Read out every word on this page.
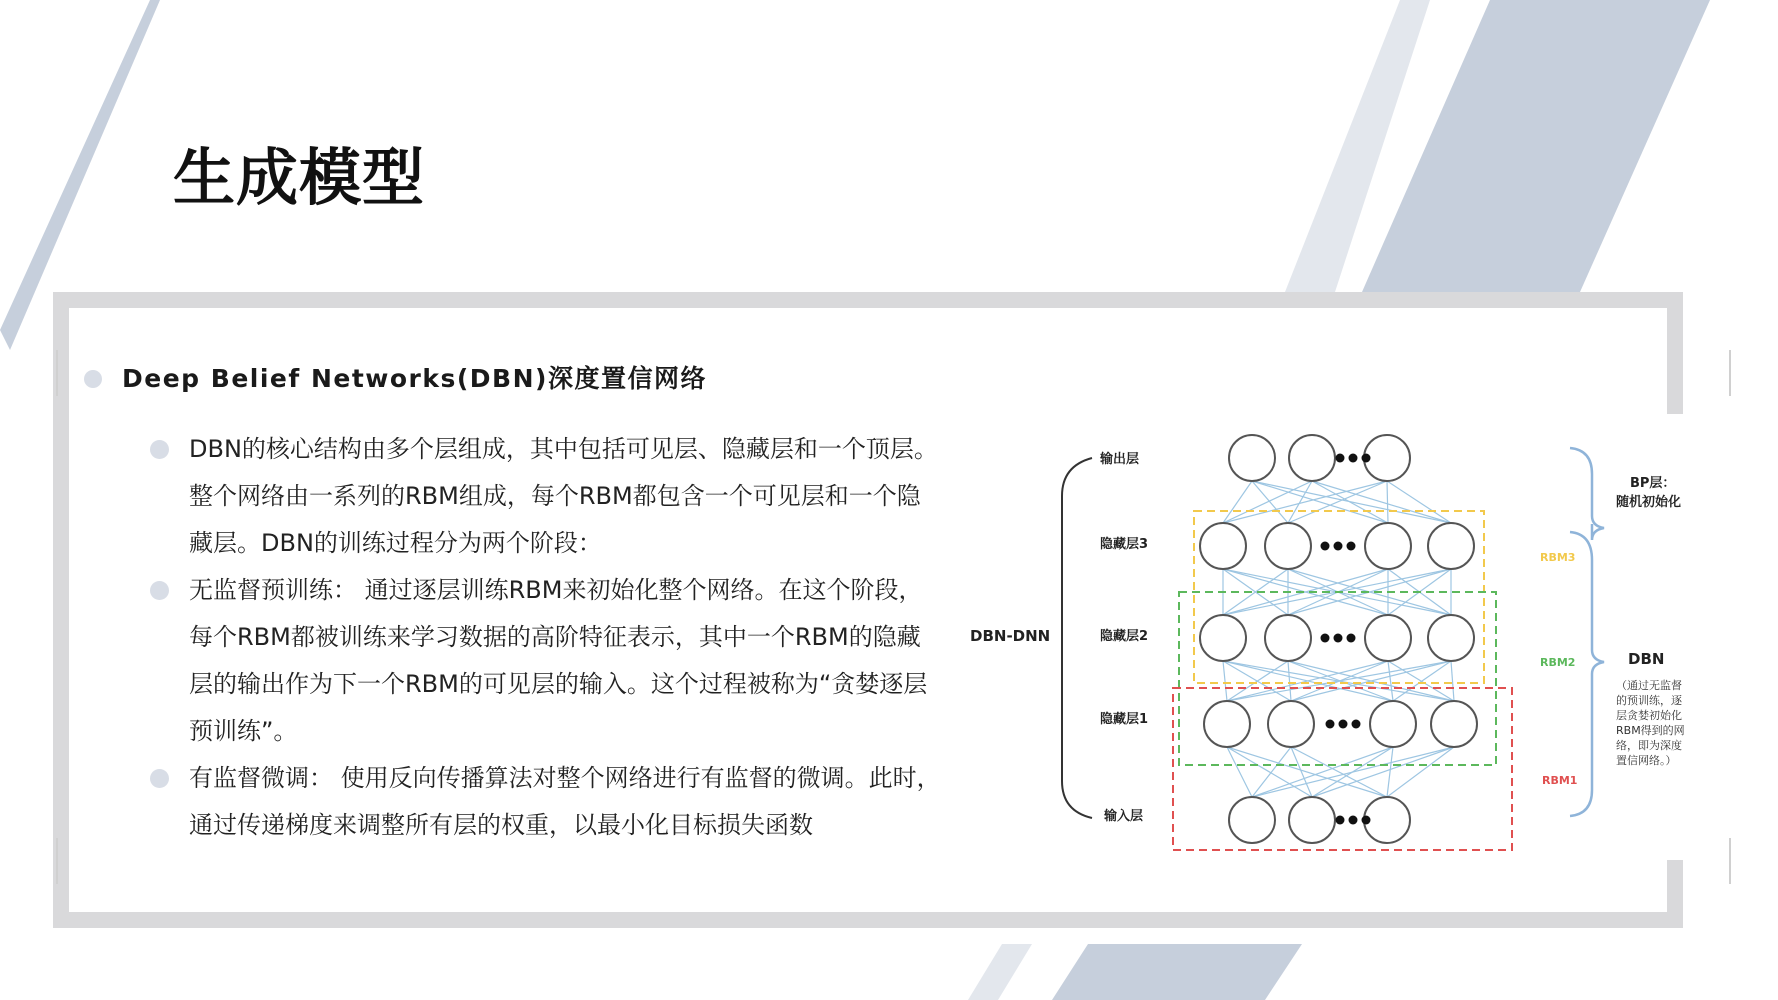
生成模型
Deep Belief Networks(DBN)深度置信网络
DBN的核心结构由多个层组成，其中包括可见层、隐藏层和一个顶层。整个网络由一系列的RBM组成，每个RBM都包含一个可见层和一个隐藏层。DBN的训练过程分为两个阶段：
无监督预训练： 通过逐层训练RBM来初始化整个网络。在这个阶段，每个RBM都被训练来学习数据的高阶特征表示，其中一个RBM的隐藏层的输出作为下一个RBM的可见层的输入。这个过程被称为“贪婪逐层预训练”。
有监督微调： 使用反向传播算法对整个网络进行有监督的微调。此时，通过传递梯度来调整所有层的权重，以最小化目标损失函数
输出层
隐藏层3
隐藏层2
隐藏层1
输入层
DBN-DNN
RBM3
RBM2
RBM1
BP层：
随机初始化
DBN
（通过无监督
的预训练，逐
层贪婪初始化
RBM得到的网
络，即为深度
置信网络。）
